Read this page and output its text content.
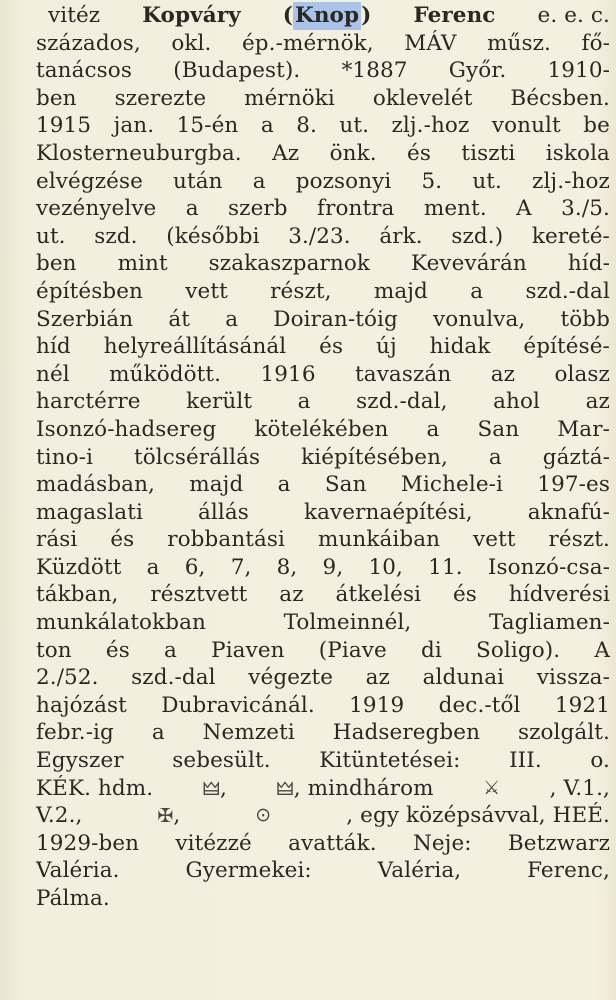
vitéz Kopváry (Knop) Ferenc e. e. c.
százados, okl. ép.-mérnök, MÁV műsz. fő-
tanácsos (Budapest). *1887 Győr. 1910-
ben szerezte mérnöki oklevelét Bécsben.
1915 jan. 15-én a 8. ut. zlj.-hoz vonult be
Klosterneuburgba. Az önk. és tiszti iskola
elvégzése után a pozsonyi 5. ut. zlj.-hoz
vezényelve a szerb frontra ment. A 3./5.
ut. szd. (későbbi 3./23. árk. szd.) kereté-
ben mint szakaszparnok Kevevárán híd-
építésben vett részt, majd a szd.-dal
Szerbián át a Doiran-tóig vonulva, több
híd helyreállításánál és új hidak építésé-
nél működött. 1916 tavaszán az olasz
harctérre került a szd.-dal, ahol az
Isonzó-hadsereg kötelékében a San Mar-
tino-i tölcsérállás kiépítésében, a gáztá-
madásban, majd a San Michele-i 197-es
magaslati	állás	kavernaépítési,	aknafú-
rási és robbantási munkáiban vett részt.
Küzdött a 6, 7, 8, 9, 10, 11. Isonzó-csa-
tákban, résztvett az átkelési és hídverési
munkálatokban	Tolmeinnél,	Tagliamen-
ton és a Piaven (Piave di Soligo). A
2./52. szd.-dal végezte az aldunai vissza-
hajózást Dubravicánál. 1919 dec.-től 1921
febr.-ig a Nemzeti Hadseregben szolgált.
Egyszer sebesült. Kitüntetései: III. o.
KÉK. hdm.	🜲,	🜲, mindhárom	⚔ , V.1.,
V.2.,	✠,	⊙	, egy középsávval, HEÉ.
1929-ben vitézzé avatták. Neje: Betzwarz
Valéria.	Gyermekei:	Valéria,	Ferenc,
Pálma.
